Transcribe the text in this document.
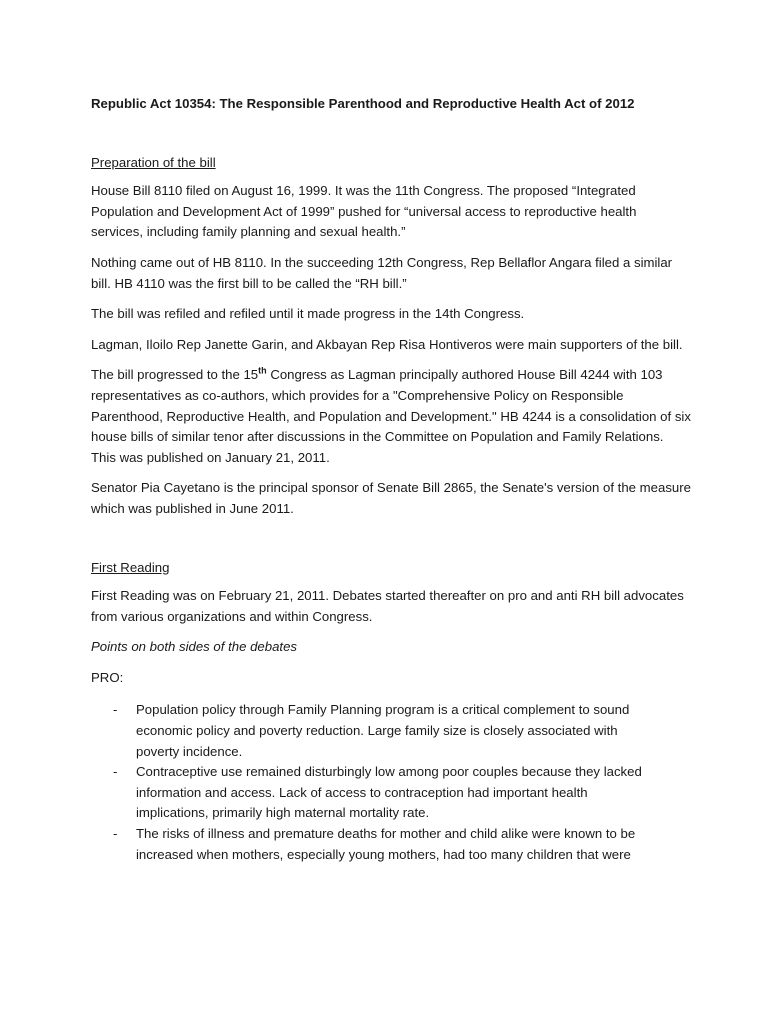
Republic Act 10354: The Responsible Parenthood and Reproductive Health Act of 2012
Preparation of the bill

House Bill 8110 filed on August 16, 1999. It was the 11th Congress. The proposed “Integrated Population and Development Act of 1999” pushed for “universal access to reproductive health services, including family planning and sexual health.”

Nothing came out of HB 8110. In the succeeding 12th Congress, Rep Bellaflor Angara filed a similar bill. HB 4110 was the first bill to be called the “RH bill.”

The bill was refiled and refiled until it made progress in the 14th Congress.

Lagman, Iloilo Rep Janette Garin, and Akbayan Rep Risa Hontiveros were main supporters of the bill.

The bill progressed to the 15th Congress as Lagman principally authored House Bill 4244 with 103 representatives as co-authors, which provides for a "Comprehensive Policy on Responsible Parenthood, Reproductive Health, and Population and Development." HB 4244 is a consolidation of six house bills of similar tenor after discussions in the Committee on Population and Family Relations. This was published on January 21, 2011.

Senator Pia Cayetano is the principal sponsor of Senate Bill 2865, the Senate's version of the measure which was published in June 2011.

First Reading

First Reading was on February 21, 2011. Debates started thereafter on pro and anti RH bill advocates from various organizations and within Congress.

Points on both sides of the debates
PRO:
- Population policy through Family Planning program is a critical complement to sound economic policy and poverty reduction. Large family size is closely associated with poverty incidence.
- Contraceptive use remained disturbingly low among poor couples because they lacked information and access. Lack of access to contraception had important health implications, primarily high maternal mortality rate.
- The risks of illness and premature deaths for mother and child alike were known to be increased when mothers, especially young mothers, had too many children that were
